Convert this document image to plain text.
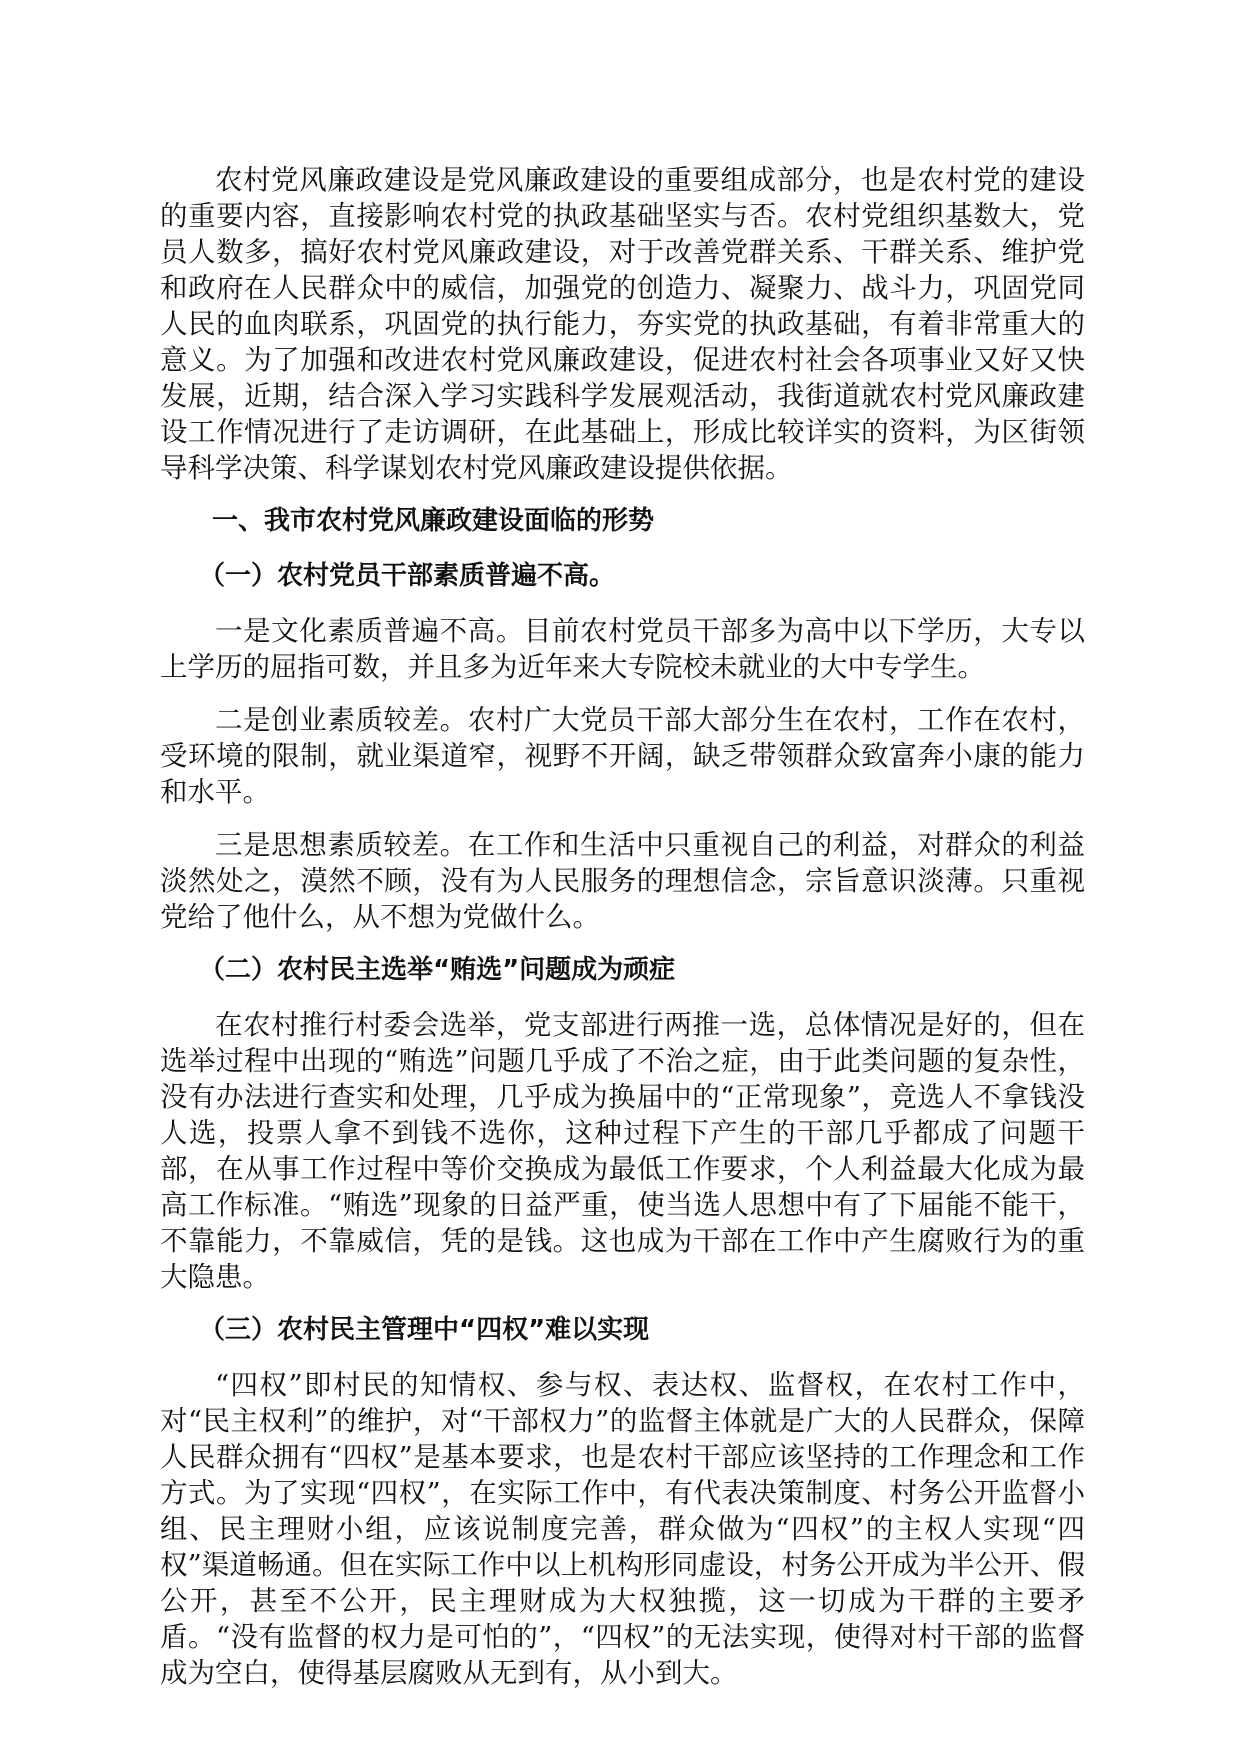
农村党风廉政建设是党风廉政建设的重要组成部分，也是农村党的建设的重要内容，直接影响农村党的执政基础坚实与否。农村党组织基数大，党员人数多，搞好农村党风廉政建设，对于改善党群关系、干群关系、维护党和政府在人民群众中的威信，加强党的创造力、凝聚力、战斗力，巩固党同人民的血肉联系，巩固党的执行能力，夯实党的执政基础，有着非常重大的意义。为了加强和改进农村党风廉政建设，促进农村社会各项事业又好又快发展，近期，结合深入学习实践科学发展观活动，我街道就农村党风廉政建设工作情况进行了走访调研，在此基础上，形成比较详实的资料，为区街领导科学决策、科学谋划农村党风廉政建设提供依据。

一、我市农村党风廉政建设面临的形势

（一）农村党员干部素质普遍不高。

一是文化素质普遍不高。目前农村党员干部多为高中以下学历，大专以上学历的屈指可数，并且多为近年来大专院校未就业的大中专学生。

二是创业素质较差。农村广大党员干部大部分生在农村，工作在农村，受环境的限制，就业渠道窄，视野不开阔，缺乏带领群众致富奔小康的能力和水平。

三是思想素质较差。在工作和生活中只重视自己的利益，对群众的利益淡然处之，漠然不顾，没有为人民服务的理想信念，宗旨意识淡薄。只重视党给了他什么，从不想为党做什么。

（二）农村民主选举“贿选”问题成为顽症

在农村推行村委会选举，党支部进行两推一选，总体情况是好的，但在选举过程中出现的“贿选”问题几乎成了不治之症，由于此类问题的复杂性，没有办法进行查实和处理，几乎成为换届中的“正常现象”，竞选人不拿钱没人选，投票人拿不到钱不选你，这种过程下产生的干部几乎都成了问题干部，在从事工作过程中等价交换成为最低工作要求，个人利益最大化成为最高工作标准。“贿选”现象的日益严重，使当选人思想中有了下届能不能干，不靠能力，不靠威信，凭的是钱。这也成为干部在工作中产生腐败行为的重大隐患。

（三）农村民主管理中“四权”难以实现

“四权”即村民的知情权、参与权、表达权、监督权，在农村工作中，对“民主权利”的维护，对“干部权力”的监督主体就是广大的人民群众，保障人民群众拥有“四权”是基本要求，也是农村干部应该坚持的工作理念和工作方式。为了实现“四权”，在实际工作中，有代表决策制度、村务公开监督小组、民主理财小组，应该说制度完善，群众做为“四权”的主权人实现“四权”渠道畅通。但在实际工作中以上机构形同虚设，村务公开成为半公开、假公开，甚至不公开，民主理财成为大权独揽，这一切成为干群的主要矛盾。“没有监督的权力是可怕的”，“四权”的无法实现，使得对村干部的监督成为空白，使得基层腐败从无到有，从小到大。
